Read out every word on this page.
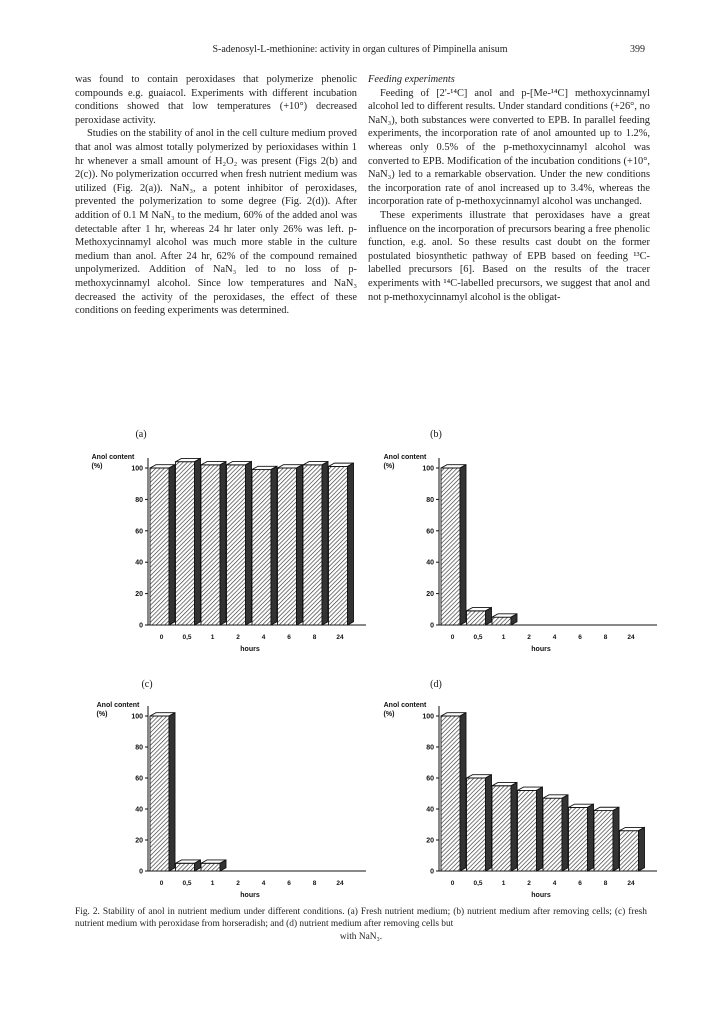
S-adenosyl-L-methionine: activity in organ cultures of Pimpinella anisum	399

was found to contain peroxidases that polymerize phenolic compounds e.g. guaiacol. Experiments with different incubation conditions showed that low temperatures (+10°) decreased peroxidase activity.

Studies on the stability of anol in the cell culture medium proved that anol was almost totally polymerized by perioxidases within 1 hr whenever a small amount of H₂O₂ was present (Figs 2(b) and 2(c)). No polymerization occurred when fresh nutrient medium was utilized (Fig. 2(a)). NaN₃, a potent inhibitor of peroxidases, prevented the polymerization to some degree (Fig. 2(d)). After addition of 0.1 M NaN₃ to the medium, 60% of the added anol was detectable after 1 hr, whereas 24 hr later only 26% was left. p-Methoxycinnamyl alcohol was much more stable in the culture medium than anol. After 24 hr, 62% of the compound remained unpolymerized. Addition of NaN₃ led to no loss of p-methoxycinnamyl alcohol. Since low temperatures and NaN₃ decreased the activity of the peroxidases, the effect of these conditions on feeding experiments was determined.

Feeding experiments

Feeding of [2'-¹⁴C] anol and p-[Me-¹⁴C] methoxycinnamyl alcohol led to different results. Under standard conditions (+26°, no NaN₃), both substances were converted to EPB. In parallel feeding experiments, the incorporation rate of anol amounted up to 1.2%, whereas only 0.5% of the p-methoxycinnamyl alcohol was converted to EPB. Modification of the incubation conditions (+10°, NaN₃) led to a remarkable observation. Under the new conditions the incorporation rate of anol increased up to 3.4%, whereas the incorporation rate of p-methoxycinnamyl alcohol was unchanged.

These experiments illustrate that peroxidases have a great influence on the incorporation of precursors bearing a free phenolic function, e.g. anol. So these results cast doubt on the former postulated biosynthetic pathway of EPB based on feeding ¹³C-labelled precursors [6]. Based on the results of the tracer experiments with ¹⁴C-labelled precursors, we suggest that anol and not p-methoxycinnamyl alcohol is the obligat-

(a)
Anol content
(%)
0
20
40
60
80
100
0	0,5	1	2	4	6	8	24
hours
(b)
Anol content
(%)
0
20
40
60
80
100
0	0,5	1	2	4	6	8	24
hours
(c)
Anol content
(%)
0
20
40
60
80
100
0	0,5	1	2	4	6	8	24
hours
(d)
Anol content
(%)
0
20
40
60
80
100
0	0,5	1	2	4	6	8	24
hours
Fig. 2. Stability of anol in nutrient medium under different conditions. (a) Fresh nutrient medium; (b) nutrient medium after removing cells; (c) fresh nutrient medium with peroxidase from horseradish; and (d) nutrient medium after removing cells but
with NaN₃.
